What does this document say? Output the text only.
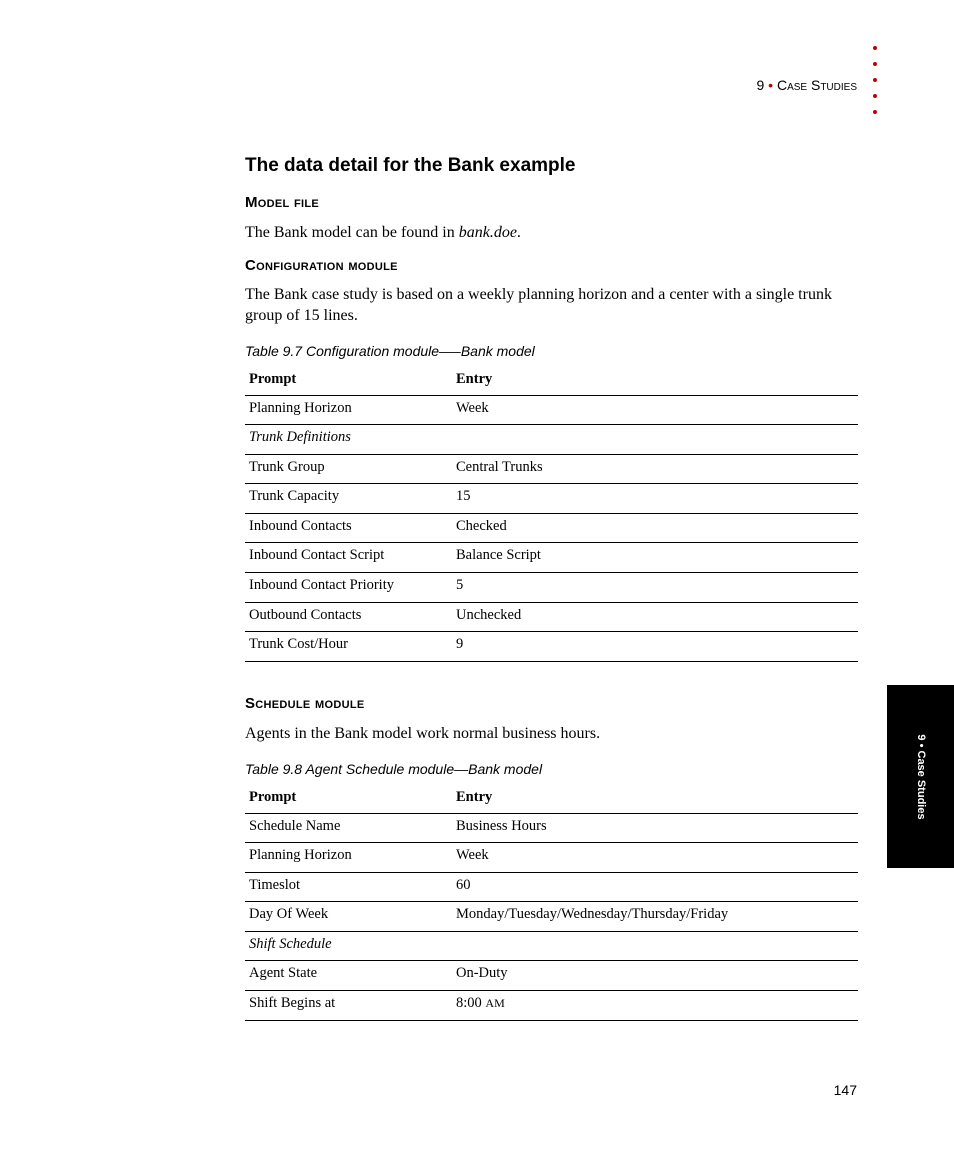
9 • Case Studies
9 • Case Studies
The data detail for the Bank example
Model file
The Bank model can be found in bank.doe.
Configuration module
The Bank case study is based on a weekly planning horizon and a center with a single trunk group of 15 lines.
Table 9.7 Configuration module—–Bank model
Prompt	Entry
Planning Horizon	Week
Trunk Definitions	
Trunk Group	Central Trunks
Trunk Capacity	15
Inbound Contacts	Checked
Inbound Contact Script	Balance Script
Inbound Contact Priority	5
Outbound Contacts	Unchecked
Trunk Cost/Hour	9
Schedule module
Agents in the Bank model work normal business hours.
Table 9.8 Agent Schedule module—Bank model
Prompt	Entry
Schedule Name	Business Hours
Planning Horizon	Week
Timeslot	60
Day Of Week	Monday/Tuesday/Wednesday/Thursday/Friday
Shift Schedule	
Agent State	On-Duty
Shift Begins at	8:00 AM
147
